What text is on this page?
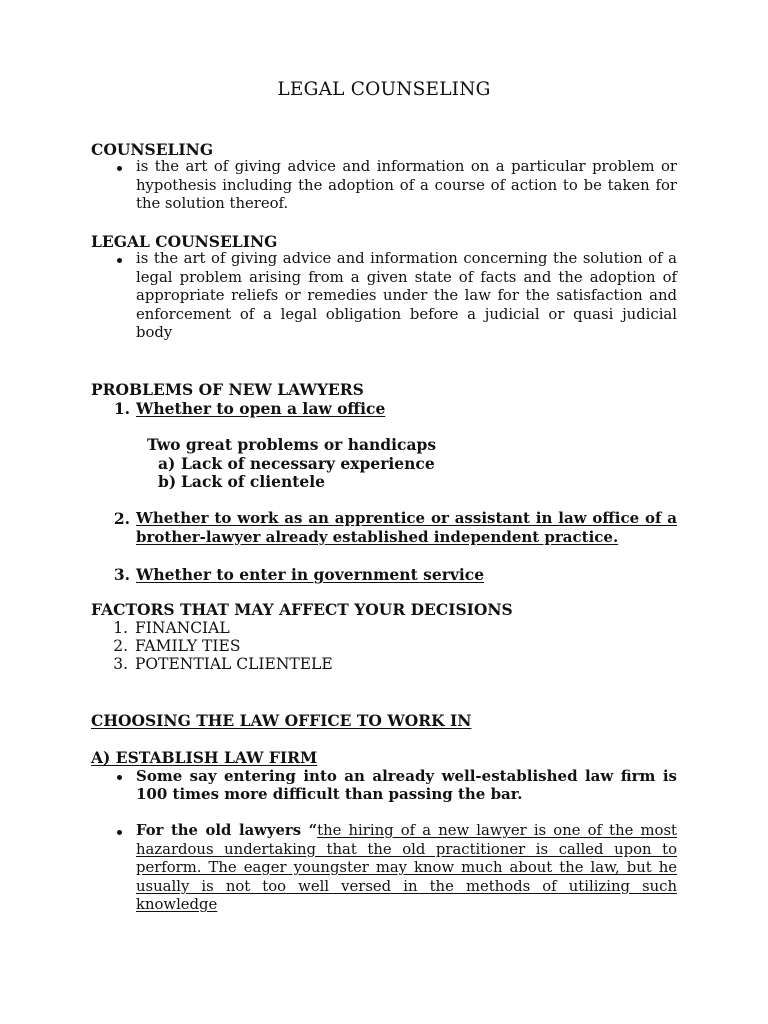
LEGAL COUNSELING
COUNSELING
is the art of giving advice and information on a particular problem or hypothesis including the adoption of a course of action to be taken for the solution thereof.
LEGAL COUNSELING
is the art of giving advice and information concerning the solution of a legal problem arising from a given state of facts and the adoption of appropriate reliefs or remedies under the law for the satisfaction and enforcement of a legal obligation before a judicial or quasi judicial body
PROBLEMS OF NEW LAWYERS
1. Whether to open a law office
Two great problems or handicaps
a) Lack of necessary experience
b) Lack of clientele
2. Whether to work as an apprentice or assistant in law office of a brother-lawyer already established independent practice.
3. Whether to enter in government service
FACTORS THAT MAY AFFECT YOUR DECISIONS
1. FINANCIAL
2. FAMILY TIES
3. POTENTIAL CLIENTELE
CHOOSING THE LAW OFFICE TO WORK IN
A) ESTABLISH LAW FIRM
Some say entering into an already well-established law firm is 100 times more difficult than passing the bar.
For the old lawyers “the hiring of a new lawyer is one of the most hazardous undertaking that the old practitioner is called upon to perform. The eager youngster may know much about the law, but he usually is not too well versed in the methods of utilizing such knowledge
